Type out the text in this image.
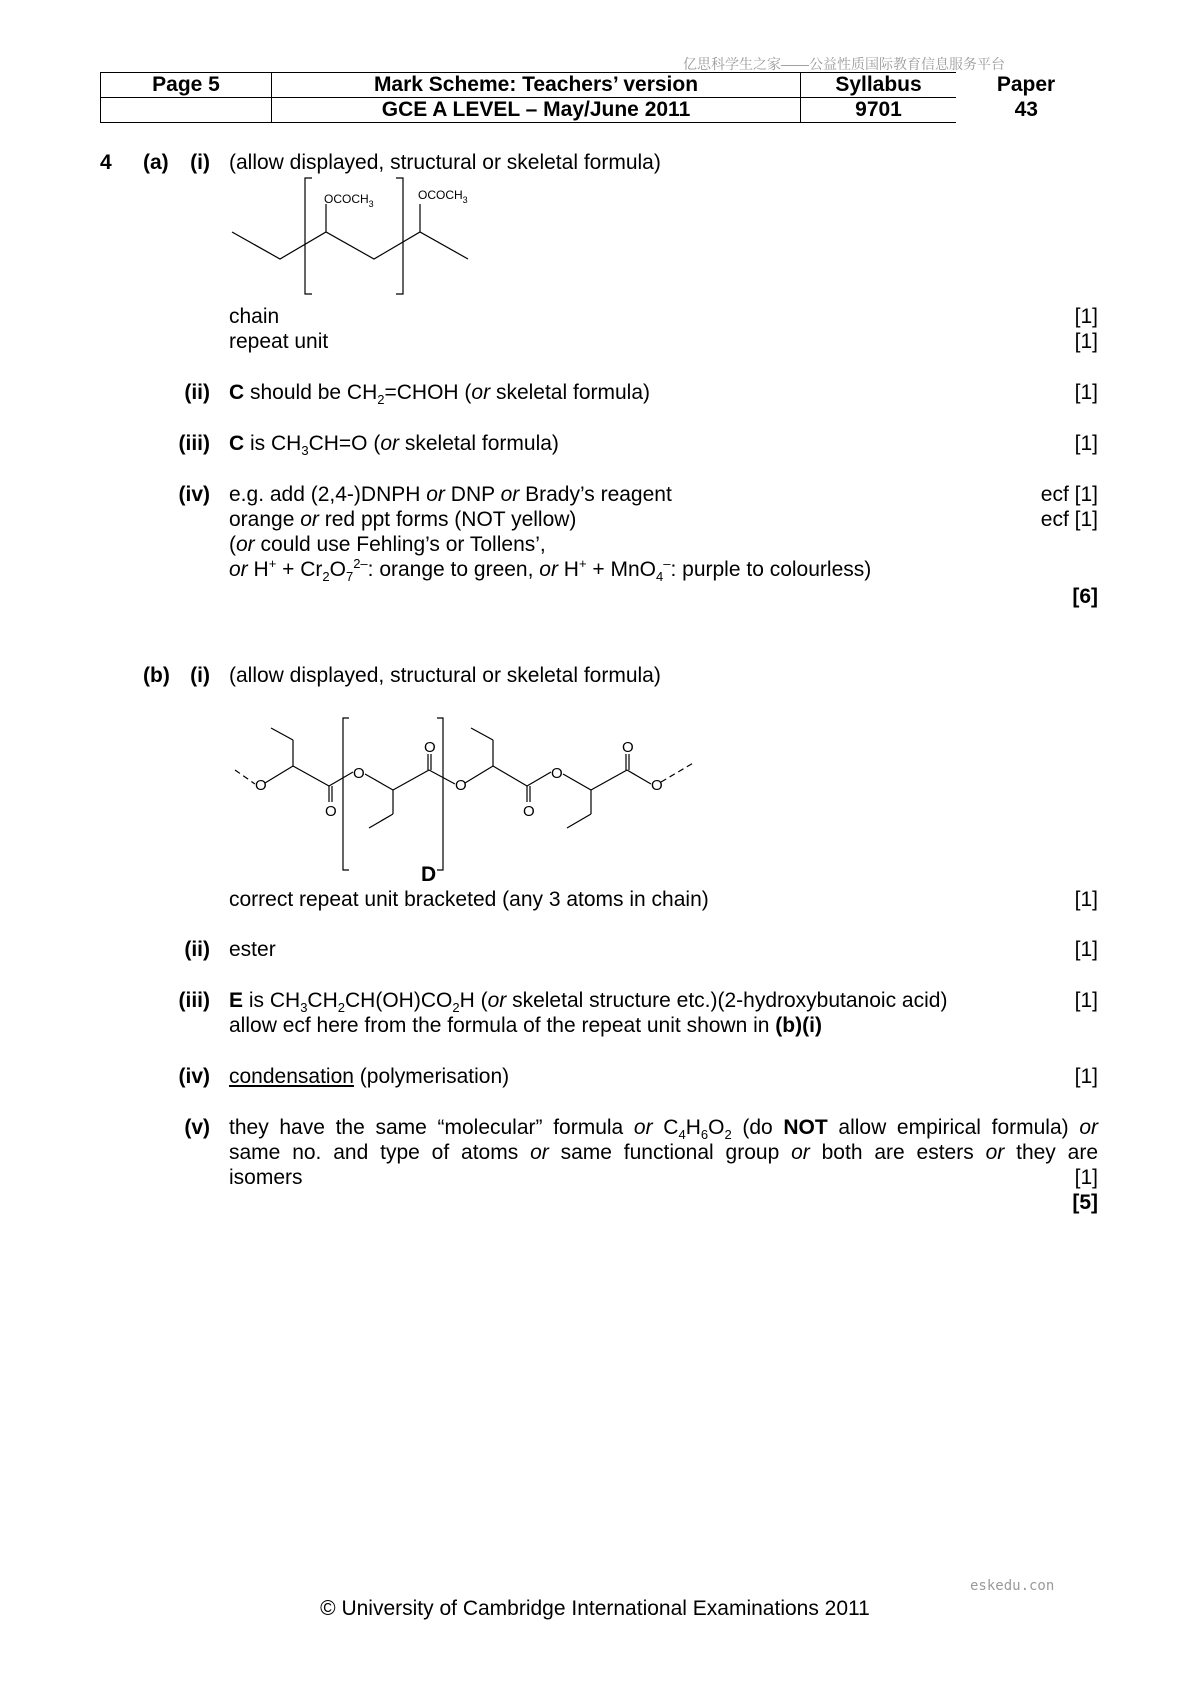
亿思科学生之家——公益性质国际教育信息服务平台
Page 5	Mark Scheme: Teachers’ version	Syllabus	Paper
	GCE A LEVEL – May/June 2011	9701	43
4 (a)	(i) (allow displayed, structural or skeletal formula)
$OCOCH_3$
$OCOCH_3$
chain	[1]
repeat unit	[1]
(ii) C should be $CH_2=CHOH$ (or skeletal formula)	[1]
(iii) C is $CH_3CH=O$ (or skeletal formula)	[1]
(iv) e.g. add (2,4-)DNPH or DNP or Brady’s reagent	ecf [1]
orange or red ppt forms (NOT yellow)	ecf [1]
(or could use Fehling’s or Tollens’,
or $H^+ + Cr_2O_7^{2-}$: orange to green, or H+ + MnO$_4$–: purple to colourless)
[6]
(b) (i) (allow displayed, structural or skeletal formula)
O
O
O
O
O
O
O
O
O
D
correct repeat unit bracketed (any 3 atoms in chain)	[1]
(ii) ester	[1]
(iii) E is $CH_3CH_2CH(OH)CO_2H$ (or skeletal structure etc.)(2-hydroxybutanoic acid)	[1]
allow ecf here from the formula of the repeat unit shown in (b)(i)
(iv) condensation (polymerisation)	[1]
(v) they have the same “molecular” formula or $C_4H_6O_2$ (do NOT allow empirical formula) or
same no. and type of atoms or same functional group or both are esters or they are
isomers	[1]
[5]
eskedu.con
© University of Cambridge International Examinations 2011
